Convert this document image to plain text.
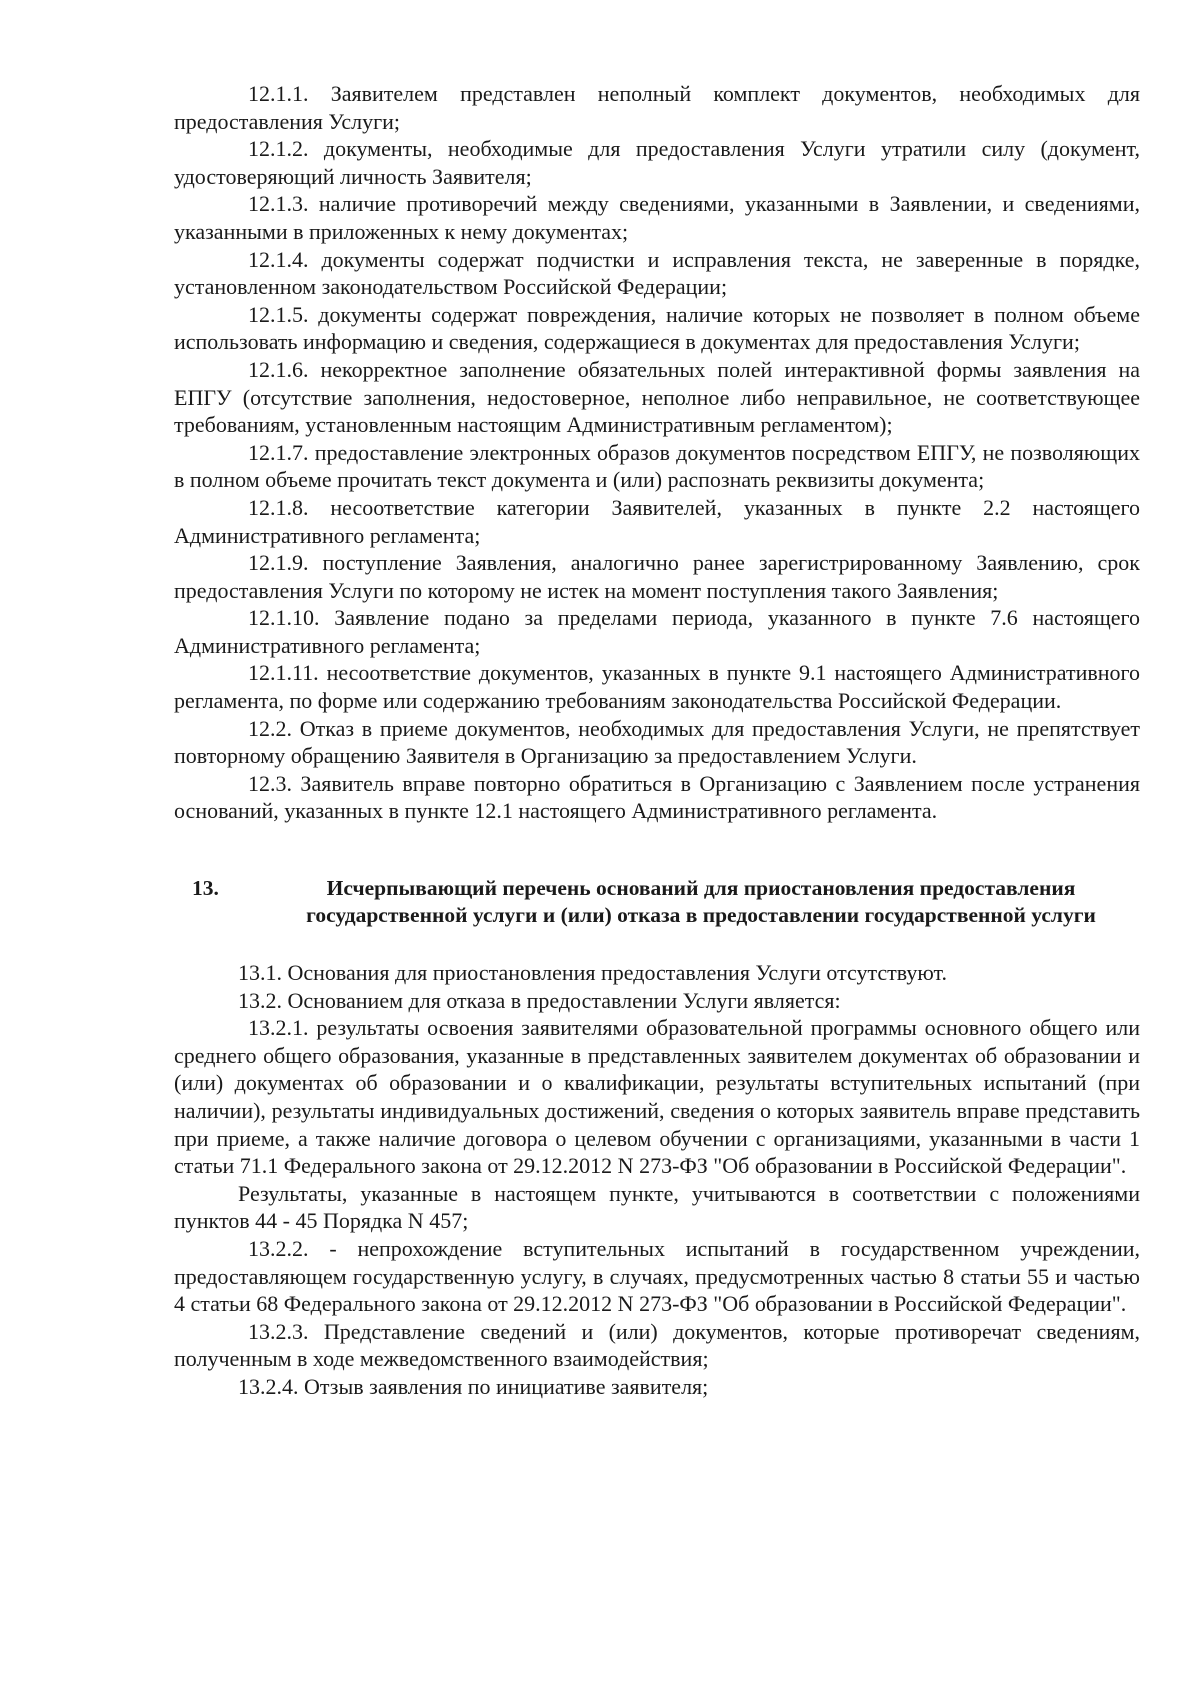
12.1.1. Заявителем представлен неполный комплект документов, необходимых для предоставления Услуги;

12.1.2. документы, необходимые для предоставления Услуги утратили силу (документ, удостоверяющий личность Заявителя;

12.1.3. наличие противоречий между сведениями, указанными в Заявлении, и сведениями, указанными в приложенных к нему документах;

12.1.4. документы содержат подчистки и исправления текста, не заверенные в порядке, установленном законодательством Российской Федерации;

12.1.5. документы содержат повреждения, наличие которых не позволяет в полном объеме использовать информацию и сведения, содержащиеся в документах для предоставления Услуги;

12.1.6. некорректное заполнение обязательных полей интерактивной формы заявления на ЕПГУ (отсутствие заполнения, недостоверное, неполное либо неправильное, не соответствующее требованиям, установленным настоящим Административным регламентом);

12.1.7. предоставление электронных образов документов посредством ЕПГУ, не позволяющих в полном объеме прочитать текст документа и (или) распознать реквизиты документа;

12.1.8. несоответствие категории Заявителей, указанных в пункте 2.2 настоящего Административного регламента;

12.1.9. поступление Заявления, аналогично ранее зарегистрированному Заявлению, срок предоставления Услуги по которому не истек на момент поступления такого Заявления;

12.1.10. Заявление подано за пределами периода, указанного в пункте 7.6 настоящего Административного регламента;

12.1.11. несоответствие документов, указанных в пункте 9.1 настоящего Административного регламента, по форме или содержанию требованиям законодательства Российской Федерации.

12.2. Отказ в приеме документов, необходимых для предоставления Услуги, не препятствует повторному обращению Заявителя в Организацию за предоставлением Услуги.

12.3. Заявитель вправе повторно обратиться в Организацию с Заявлением после устранения оснований, указанных в пункте 12.1 настоящего Административного регламента.

13.	Исчерпывающий перечень оснований для приостановления предоставления государственной услуги и (или) отказа в предоставлении государственной услуги

13.1. Основания для приостановления предоставления Услуги отсутствуют.

13.2. Основанием для отказа в предоставлении Услуги является:

13.2.1. результаты освоения заявителями образовательной программы основного общего или среднего общего образования, указанные в представленных заявителем документах об образовании и (или) документах об образовании и о квалификации, результаты вступительных испытаний (при наличии), результаты индивидуальных достижений, сведения о которых заявитель вправе представить при приеме, а также наличие договора о целевом обучении с организациями, указанными в части 1 статьи 71.1 Федерального закона от 29.12.2012 N 273-ФЗ "Об образовании в Российской Федерации".

Результаты, указанные в настоящем пункте, учитываются в соответствии с положениями пунктов 44 - 45 Порядка N 457;

13.2.2. - непрохождение вступительных испытаний в государственном учреждении, предоставляющем государственную услугу, в случаях, предусмотренных частью 8 статьи 55 и частью 4 статьи 68 Федерального закона от 29.12.2012 N 273-ФЗ "Об образовании в Российской Федерации".

13.2.3. Представление сведений и (или) документов, которые противоречат сведениям, полученным в ходе межведомственного взаимодействия;

13.2.4. Отзыв заявления по инициативе заявителя;
